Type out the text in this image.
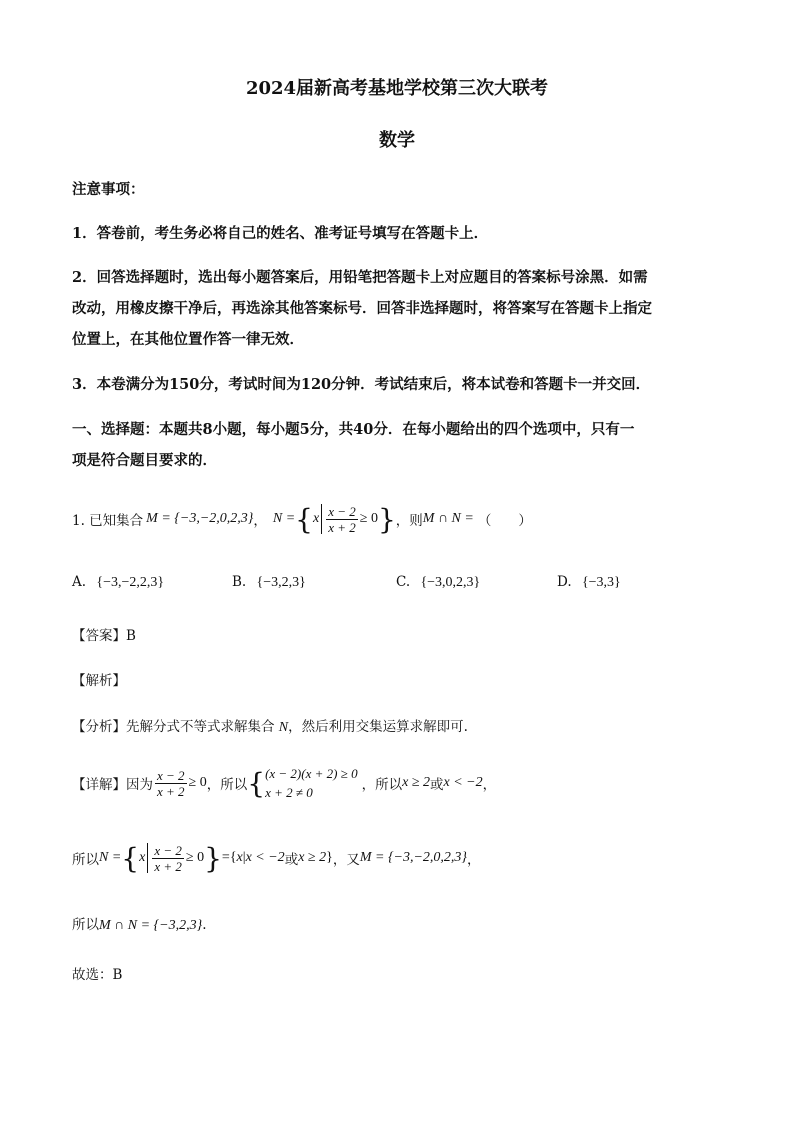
2024届新高考基地学校第三次大联考
数学
注意事项：
1．答卷前，考生务必将自己的姓名、准考证号填写在答题卡上．
2．回答选择题时，选出每小题答案后，用铅笔把答题卡上对应题目的答案标号涂黑．如需
改动，用橡皮擦干净后，再选涂其他答案标号．回答非选择题时，将答案写在答题卡上指定
位置上，在其他位置作答一律无效．
3．本卷满分为150分，考试时间为120分钟．考试结束后，将本试卷和答题卡一并交回．
一、选择题：本题共8小题，每小题5分，共40分．在每小题给出的四个选项中，只有一
项是符合题目要求的．
1. 已知集合 M = {−3,−2,0,2,3} ， N = { x $\frac{x - 2}{x + 2} \ge 0$ } ，则 M ∩ N = （　　）
A. {−3,−2,2,3}	B. {−3,2,3}	C. {−3,0,2,3}	D. {−3,3}
【答案】B
【解析】
【分析】先解分式不等式求解集合 N，然后利用交集运算求解即可.
【详解】 因为 $\frac{x - 2}{x + 2} \ge 0$ ，所以 { (x − 2)(x + 2) ≥ 0
x + 2 ≠ 0	，所以 x ≥ 2 或 x < −2 ，
所以 N = { x $\frac{x - 2}{x + 2} \ge 0$ } = { x | x < −2 或 x ≥ 2 } ，又 M = {−3,−2,0,2,3} ，
所以M ∩ N = {−3,2,3}.
故选：B
